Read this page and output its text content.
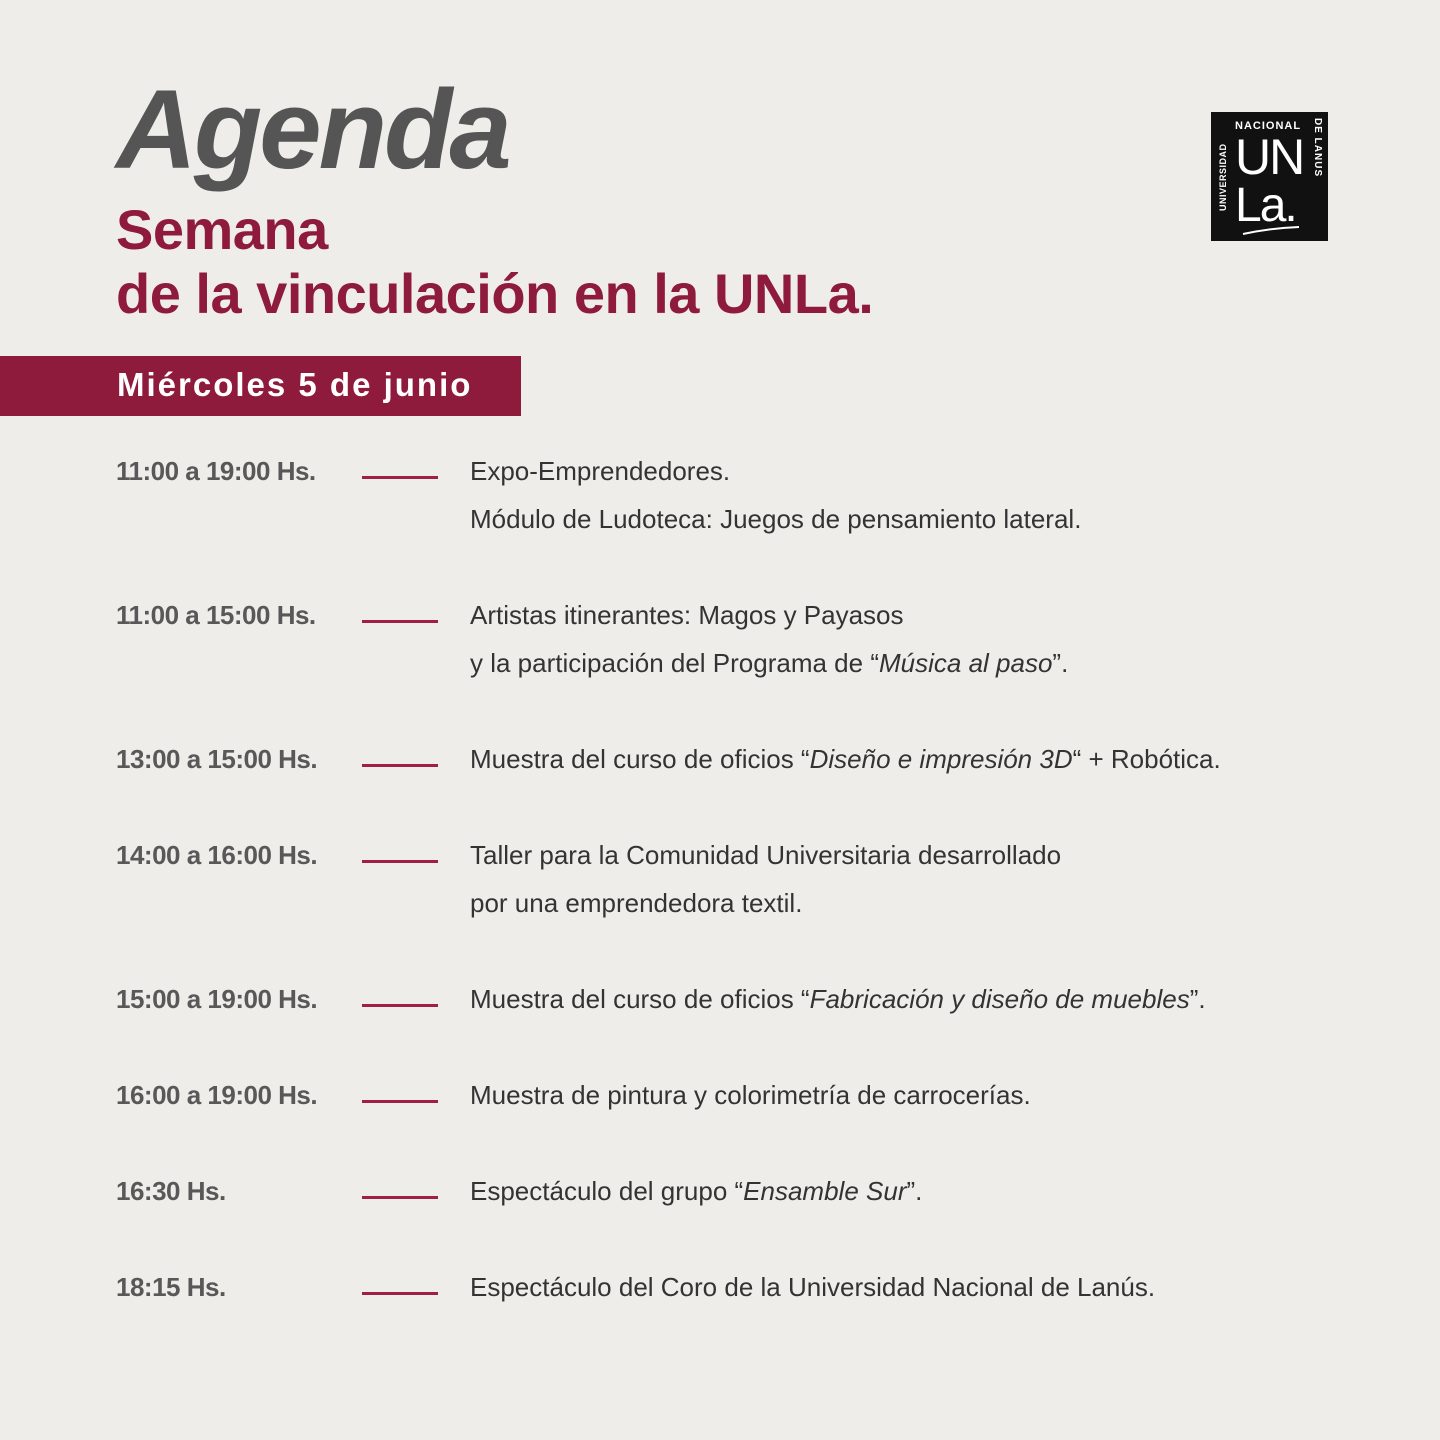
Agenda
Semana
de la vinculación en la UNLa.
UNIVERSIDAD
NACIONAL DE LANUS
UN
La.
Miércoles 5 de junio
11:00 a 19:00 Hs.	Expo-Emprendedores.
Módulo de Ludoteca: Juegos de pensamiento lateral.
11:00 a 15:00 Hs.	Artistas itinerantes: Magos y Payasos
y la participación del Programa de “Música al paso”.
13:00 a 15:00 Hs.	Muestra del curso de oficios “Diseño e impresión 3D“ + Robótica.
14:00 a 16:00 Hs.	Taller para la Comunidad Universitaria desarrollado
por una emprendedora textil.
15:00 a 19:00 Hs.	Muestra del curso de oficios “Fabricación y diseño de muebles”.
16:00 a 19:00 Hs.	Muestra de pintura y colorimetría de carrocerías.
16:30 Hs.	Espectáculo del grupo “Ensamble Sur”.
18:15 Hs.	Espectáculo del Coro de la Universidad Nacional de Lanús.
